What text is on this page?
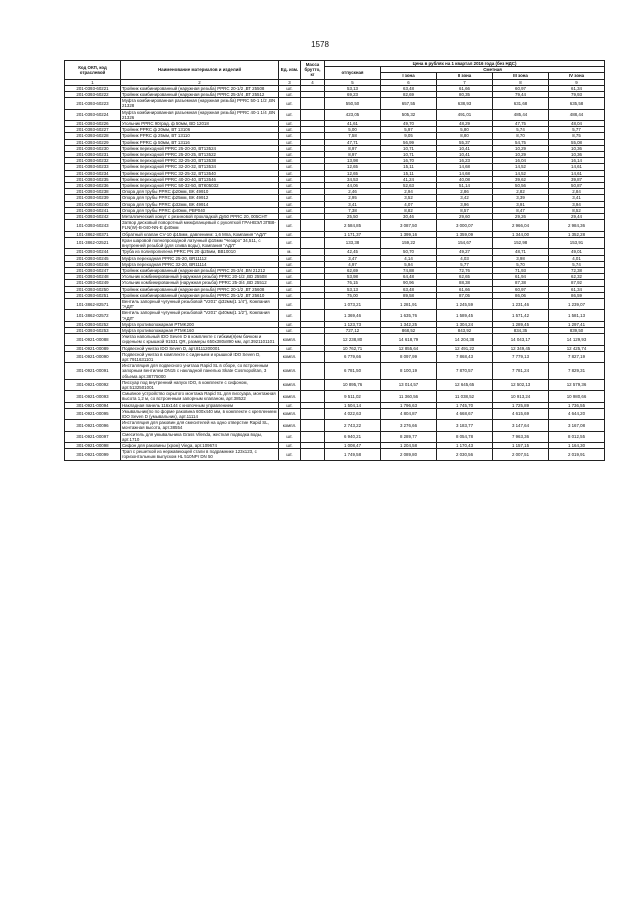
1578
Код ОКП, код отраслевой	Наименование материалов и изделий	Ед. изм.	Масса брутто, кг	Цена в рублях на 1 квартал 2016 года (без НДС)				
				отпускная	Сметная			
					I зона	II зона	III зона	IV зона
1	2	3	4	5	6	7	8	9
201-0393-60221	Тройник комбинированный (наружная резьба) PPRC 20-1/2 ,ВТ 25508	шт.		53,13	63,48	61,66	60,97	61,34
201-0393-60222	Тройник комбинированный (наружная резьба) PPRC 25-3/4 ,ВТ 25512	шт.		69,23	82,69	80,35	79,44	79,93
201-0393-60223	Муфта комбинированная разъемная (наружная резьба) PPRC 50-1 1/2 ,BN 21328	шт.		550,50	657,55	638,93	631,68	635,58
201-0393-60224	Муфта комбинированная разъемная (наружная резьба) PPRC 40-1 1/4 ,BN 21326	шт.		423,05	505,32	491,01	485,44	488,44
201-0393-60226	Угольник PPRC 90град. ф 50мм, BD 12018	шт.		41,61	49,70	48,29	47,75	48,04
201-0393-60227	Тройник PPRC ф 20мм, ВТ 13106	шт.		5,00	5,97	5,80	5,74	5,77
201-0393-60228	Тройник PPRC ф 25мм, ВТ 13110	шт.		7,58	9,05	8,80	8,70	8,75
201-0393-60229	Тройник PPRC ф 50мм, ВТ 13116	шт.		47,71	56,99	55,37	54,75	55,08
201-0393-60230	Тройник переходной PPRC 25-20-20, ВТ13524	шт.		8,97	10,71	10,41	10,29	10,36
201-0393-60231	Тройник переходной PPRC 25-20-25, ВТ13522	шт.		8,97	10,71	10,41	10,29	10,36
201-0393-60232	Тройник переходной PPRC 32-25-20, ВТ13538	шт.		13,98	16,70	16,23	16,04	16,14
201-0393-60233	Тройник переходной PPRC 32-20-32, ВТ13534	шт.		12,65	15,11	14,68	14,52	14,61
201-0393-60234	Тройник переходной PPRC 32-25-32, ВТ13540	шт.		12,65	15,11	14,68	14,52	14,61
201-0393-60235	Тройник переходной PPRC 40-20-40, ВТ13546	шт.		34,53	41,24	40,08	39,62	39,87
201-0393-60236	Тройник переходной PPRC 50-32-50, ВТК05032	шт.		44,06	52,63	51,14	50,56	50,87
201-0393-60238	Опора для трубы PPRC ф20мм, BK 49910	шт.		2,46	2,94	2,86	2,82	2,84
201-0393-60239	Опора для трубы PPRC ф25мм, BK 49912	шт.		2,95	3,52	3,42	3,39	3,41
201-0393-60240	Опора для трубы PPRC ф32мм, BK 49914	шт.		3,41	4,07	3,96	3,91	3,94
201-0393-60241	Опора для трубы PPRC ф40мм, PBP040	шт.		7,38	8,82	8,57	8,47	8,52
201-0393-60242	Металлический хомут с резиновой прокладкой Ду50 PPRC 20, 005CНТ	шт.		25,50	30,46	29,60	29,26	29,44
101-0393-60243	Затвор дисковый поворотный межфланцевый с рукояткой ГРАНВЭЛ ЗПВ8-FLN(W)-B-040-NN-E ф40мм	шт.		2 584,85	3 087,50	3 000,07	2 966,04	2 984,36
101-3862-80371	Обратный клапан CV-10 ф15мм, давлением: 1,6 Мпа, Компания "АДЛ"	шт.		1 171,37	1 399,16	1 359,09	1 344,00	1 352,28
101-3862-02521	Кран шаровой полнопроходной латунный ф15мм "Чезаро" 34,511, с внутренней резьбой (для слива воды), Компания "АДЛ"	шт.		133,38	159,22	154,67	152,98	153,91
201-0393-60244	Труба из полипропилена PPRC PN 20 ф25мм, BB10010	м.		42,45	50,70	49,27	48,71	49,01
201-0393-60245	Муфта переходная PPRC 25-20, BR11112	шт.		3,47	4,14	4,03	3,98	4,01
201-0393-60246	Муфта переходная PPRC 32-20, BR11114	шт.		4,97	5,94	5,77	5,70	5,74
201-0393-60247	Тройник комбинированный (наружная резьба) PPRC 25-3/4 ,BN 21212	шт.		62,69	74,88	72,76	71,93	72,38
201-0393-60248	Угольник комбинированный (наружная резьба) PPRC 20-1/2 ,BD 25508	шт.		53,98	64,48	62,65	61,94	62,32
201-0393-60249	Угольник комбинированный (наружная резьба) PPRC 25-3/4 ,BD 25512	шт.		76,15	90,96	88,38	87,38	87,92
201-0393-60250	Тройник комбинированный (наружная резьба) PPRC 20-1/2 ,ВТ 25608	шт.		53,13	63,48	61,66	60,97	61,34
201-0393-60251	Тройник комбинированный (наружная резьба) PPRC 25-1/2 ,ВТ 25610	шт.		75,00	89,58	87,05	86,06	86,59
101-3862-82571	Вентиль запорный чугунный резьбовой "V201" ф32мм(1 1/4"), Компания "АДЛ"	шт.		1 073,21	1 281,91	1 245,59	1 231,46	1 239,07
101-3862-02572	Вентиль запорный чугунный резьбовой "V201" ф40мм(1 1/2"), Компания "АДЛ"	шт.		1 369,46	1 635,76	1 589,45	1 571,42	1 581,13
201-0393-60252	Муфта противопожарная PTMK200	шт.		1 123,73	1 342,25	1 304,24	1 289,45	1 297,41
201-0393-60253	Муфта противопожарная PTMK160	шт.		727,12	868,52	843,92	834,35	839,50
301-0921-00088	Унитаз напольный IDO Seven D в комплекте с гибким(я)ем бачком и сиденьем с крышкой 91531 QR, размеры 650х380х890 мм, арт.3921101101	компл.		12 238,80	14 618,79	14 204,38	14 043,17	14 129,93
301-0921-00089	Подвесной унитаз IDO Seven D, арт.8111200001	шт.		10 762,71	12 855,64	12 491,22	12 349,45	12 425,74
301-0921-00090	Подвесной унитаз в комплекте с сиденьем и крышкой IDO Seven D, арт.7911631101	компл.		6 779,66	8 097,99	7 868,43	7 779,13	7 827,19
301-0921-00091	Инсталляция для подвесного унитаза Rapid SL в сборе, со встроенным запорным вентилем DN15 с накладной панелью Skate Cosmopolitan, 3 объема арт.38775000	компл.		6 781,50	8 100,19	7 870,57	7 781,24	7 829,31
301-0921-00092	Писсуар под внутренний напуск IDO, в комплекте с сифоном, арт.5132501001	компл.		10 895,76	13 014,57	12 645,65	12 502,13	12 579,36
301-0921-00093	Смывное устройство скрытого монтажа Rapid SL для писсуара, монтажная высота 1,2 м, со встроенным запорным клапаном, арт.38522	компл.		9 511,02	11 360,56	11 038,52	10 913,24	10 980,66
301-0921-00094	Накладная панель 116х144 с кнопочным управлением	шт.		1 504,14	1 796,63	1 745,70	1 725,89	1 736,55
301-0921-00095	Умывальник(по по форме раковина 600х440 мм, в комплекте с креплением IDO Seven D (умывальник), арт.11114	компл.		4 022,63	4 804,87	4 668,67	4 615,69	4 644,20
301-0921-00096	Инсталляция для раковин для смесителей на одно отверстие Rapid SL, монтажная высота, арт.38554	компл.		2 743,22	3 276,66	3 183,77	3 147,64	3 167,08
301-0921-00097	Смеситель для умывальника Grass Vilenda, жесткая подводка воды, арт.1710	шт.		6 940,21	8 289,77	8 054,78	7 963,36	8 012,55
301-0921-00098	Сифон для раковины (хром) Viega, арт.109674	шт.		1 008,47	1 204,58	1 170,43	1 157,15	1 164,30
301-0921-00099	Трап с решеткой из нержавеющей стали в подрамнике 123х123, с горизонтальным выпуском HL 510NPr DN 50	шт.		1 749,58	2 089,80	2 030,56	2 007,51	2 019,91
